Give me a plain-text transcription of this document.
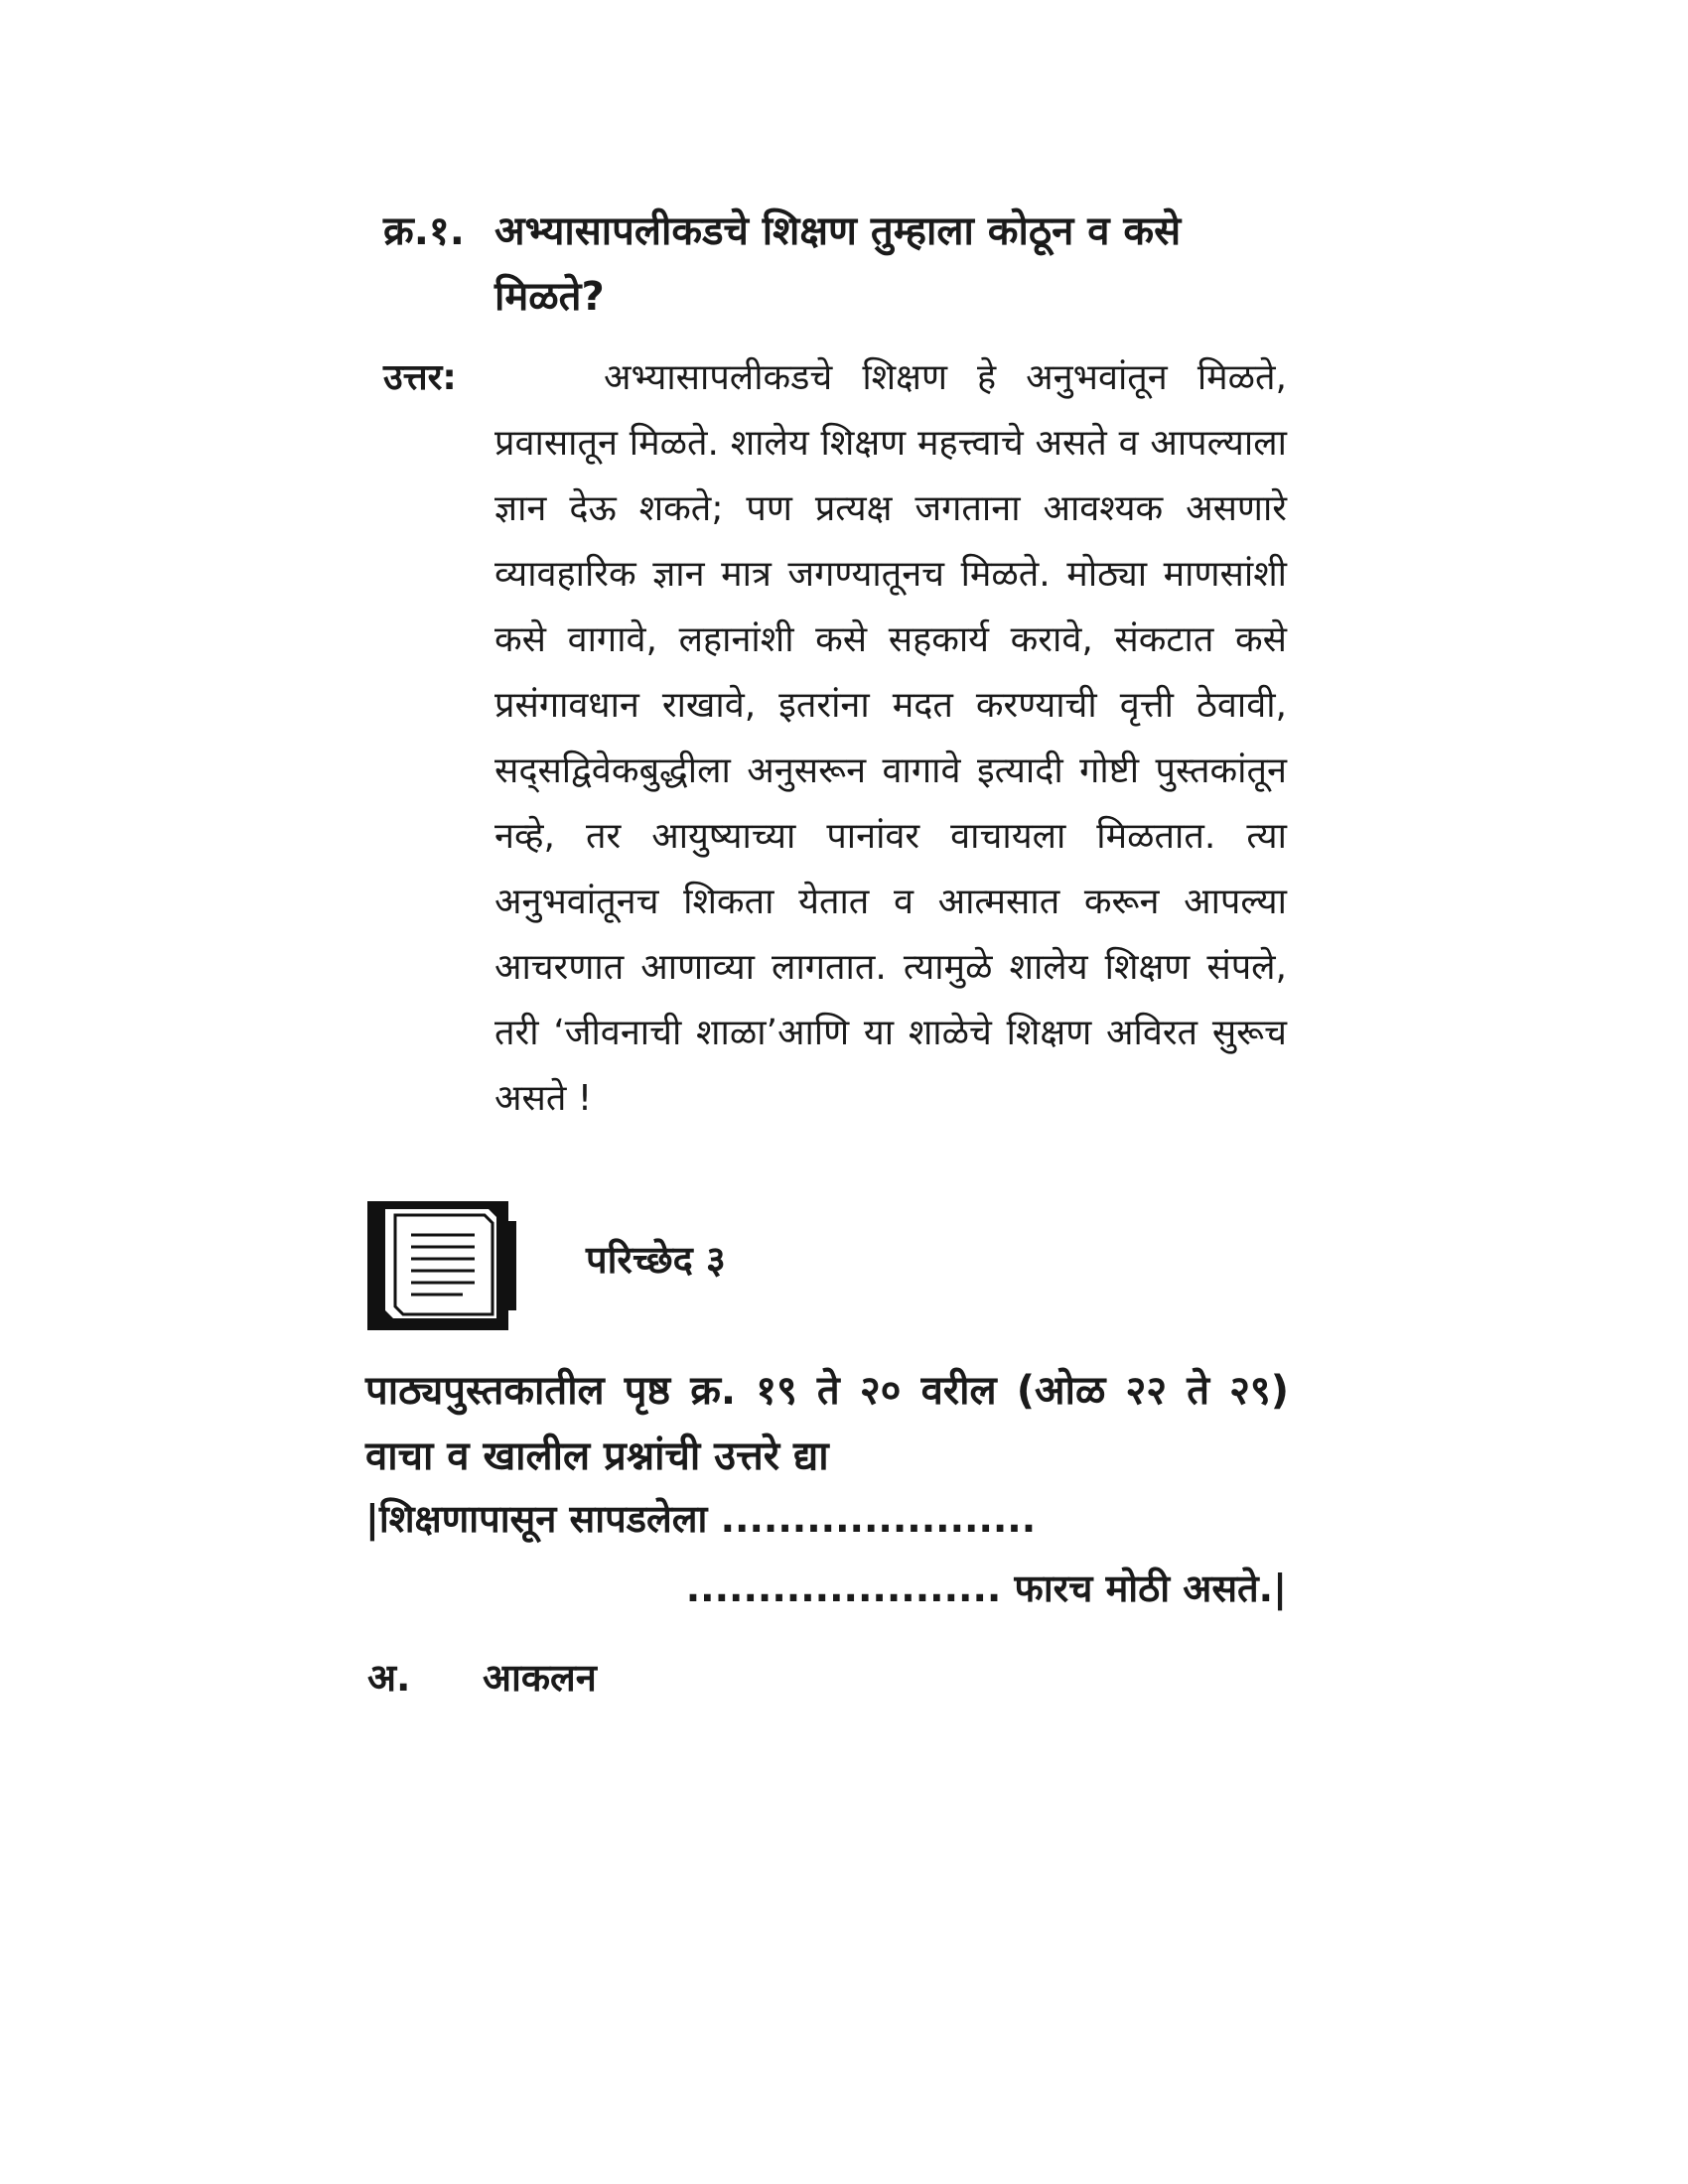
क्र.१. अभ्यासापलीकडचे शिक्षण तुम्हाला कोठून व कसे मिळते?
उत्तर:	अभ्यासापलीकडचे शिक्षण हे अनुभवांतून मिळते, प्रवासातून मिळते. शालेय शिक्षण महत्त्वाचे असते व आपल्याला ज्ञान देऊ शकते; पण प्रत्यक्ष जगताना आवश्यक असणारे व्यावहारिक ज्ञान मात्र जगण्यातूनच मिळते. मोठ्या माणसांशी कसे वागावे, लहानांशी कसे सहकार्य करावे, संकटात कसे प्रसंगावधान राखावे, इतरांना मदत करण्याची वृत्ती ठेवावी, सद्सद्विवेकबुद्धीला अनुसरून वागावे इत्यादी गोष्टी पुस्तकांतून नव्हे, तर आयुष्याच्या पानांवर वाचायला मिळतात. त्या अनुभवांतूनच शिकता येतात व आत्मसात करून आपल्या आचरणात आणाव्या लागतात. त्यामुळे शालेय शिक्षण संपले, तरी ‘जीवनाची शाळा’आणि या शाळेचे शिक्षण अविरत सुरूच असते !
परिच्छेद ३
पाठ्यपुस्तकातील पृष्ठ क्र. १९ ते २० वरील (ओळ २२ ते २९) वाचा व खालील प्रश्नांची उत्तरे द्या
|शिक्षणापासून सापडलेला ......................
...................... फारच मोठी असते.|
अ.	आकलन
